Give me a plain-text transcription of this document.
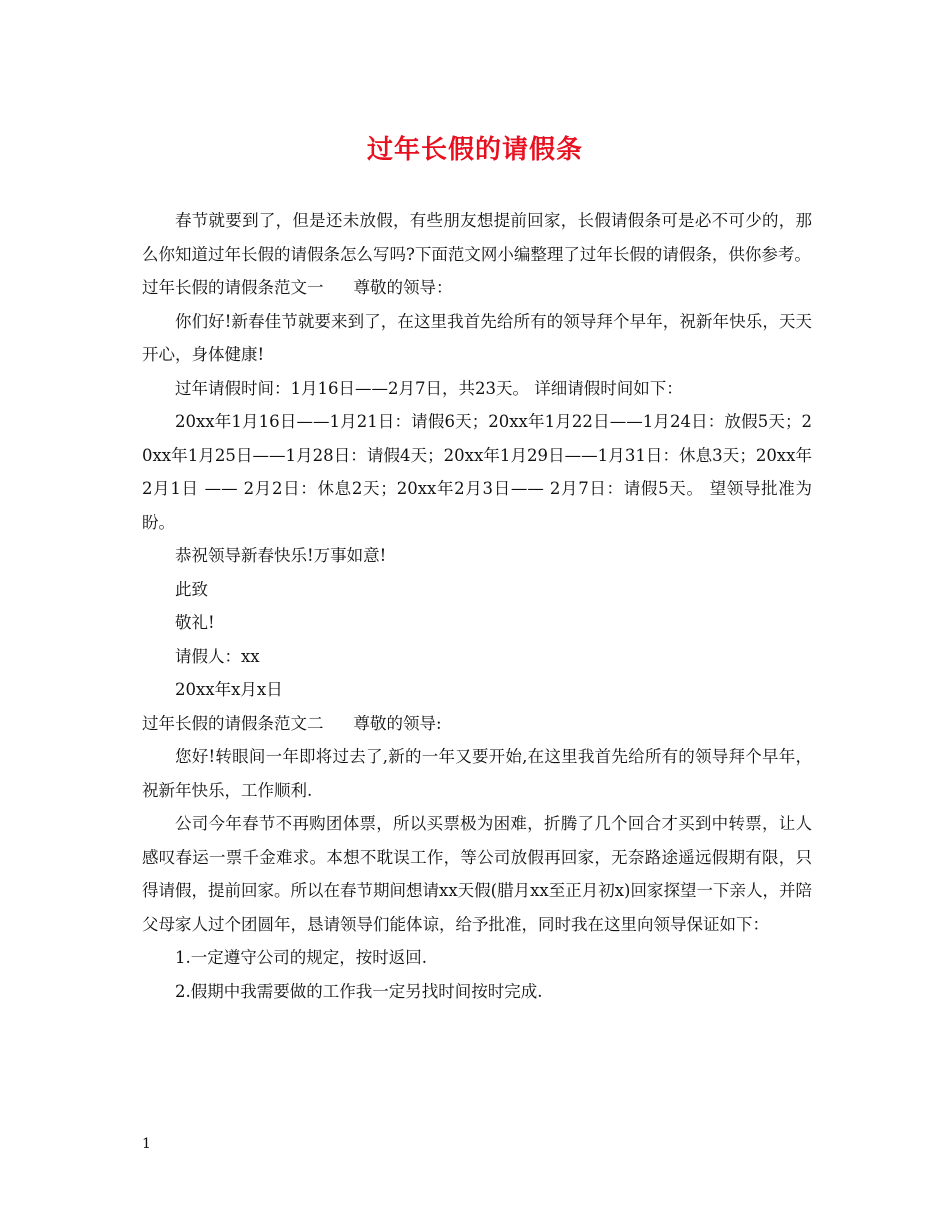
过年长假的请假条

春节就要到了，但是还未放假，有些朋友想提前回家，长假请假条可是必不可少的，那么你知道过年长假的请假条怎么写吗?下面范文网小编整理了过年长假的请假条，供你参考。

过年长假的请假条范文一 尊敬的领导：

你们好!新春佳节就要来到了，在这里我首先给所有的领导拜个早年，祝新年快乐，天天开心，身体健康!

过年请假时间：1月16日——2月7日，共23天。 详细请假时间如下：

20xx年1月16日——1月21日：请假6天；20xx年1月22日——1月24日：放假5天；20xx年1月25日——1月28日：请假4天；20xx年1月29日——1月31日：休息3天；20xx年2月1日 —— 2月2日：休息2天；20xx年2月3日—— 2月7日：请假5天。 望领导批准为盼。

恭祝领导新春快乐!万事如意!

此致

敬礼!

请假人：xx

20xx年x月x日

过年长假的请假条范文二 尊敬的领导:

您好!转眼间一年即将过去了,新的一年又要开始,在这里我首先给所有的领导拜个早年，祝新年快乐，工作顺利.

公司今年春节不再购团体票，所以买票极为困难，折腾了几个回合才买到中转票，让人感叹春运一票千金难求。本想不耽误工作，等公司放假再回家，无奈路途遥远假期有限，只得请假，提前回家。所以在春节期间想请xx天假(腊月xx至正月初x)回家探望一下亲人，并陪父母家人过个团圆年，恳请领导们能体谅，给予批准，同时我在这里向领导保证如下：

1.一定遵守公司的规定，按时返回.

2.假期中我需要做的工作我一定另找时间按时完成.

1
